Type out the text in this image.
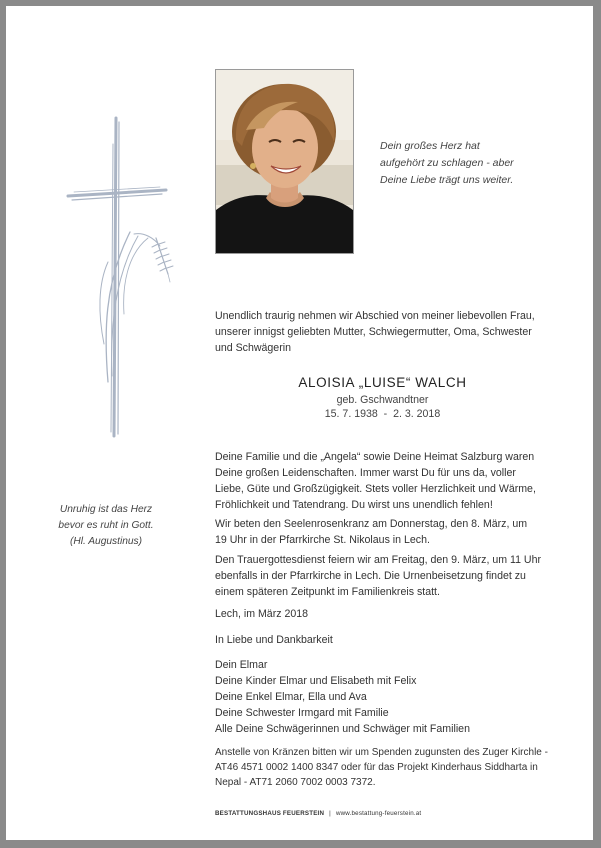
Dein großes Herz hat
aufgehört zu schlagen - aber
Deine Liebe trägt uns weiter.
Unendlich traurig nehmen wir Abschied von meiner liebevollen Frau,
unserer innigst geliebten Mutter, Schwiegermutter, Oma, Schwester
und Schwägerin
ALOISIA „LUISE“ WALCH
geb. Gschwandtner
15. 7. 1938  -  2. 3. 2018
Deine Familie und die „Angela“ sowie Deine Heimat Salzburg waren
Deine großen Leidenschaften. Immer warst Du für uns da, voller
Liebe, Güte und Großzügigkeit. Stets voller Herzlichkeit und Wärme,
Fröhlichkeit und Tatendrang. Du wirst uns unendlich fehlen!
Wir beten den Seelenrosenkranz am Donnerstag, den 8. März, um
19 Uhr in der Pfarrkirche St. Nikolaus in Lech.
Den Trauergottesdienst feiern wir am Freitag, den 9. März, um 11 Uhr
ebenfalls in der Pfarrkirche in Lech. Die Urnenbeisetzung findet zu
einem späteren Zeitpunkt im Familienkreis statt.
Lech, im März 2018
In Liebe und Dankbarkeit
Dein Elmar
Deine Kinder Elmar und Elisabeth mit Felix
Deine Enkel Elmar, Ella und Ava
Deine Schwester Irmgard mit Familie
Alle Deine Schwägerinnen und Schwäger mit Familien
Anstelle von Kränzen bitten wir um Spenden zugunsten des Zuger Kirchle -
AT46 4571 0002 1400 8347 oder für das Projekt Kinderhaus Siddharta in
Nepal - AT71 2060 7002 0003 7372.
Unruhig ist das Herz
bevor es ruht in Gott.
(Hl. Augustinus)
BESTATTUNGSHAUS FEUERSTEIN | www.bestattung-feuerstein.at
